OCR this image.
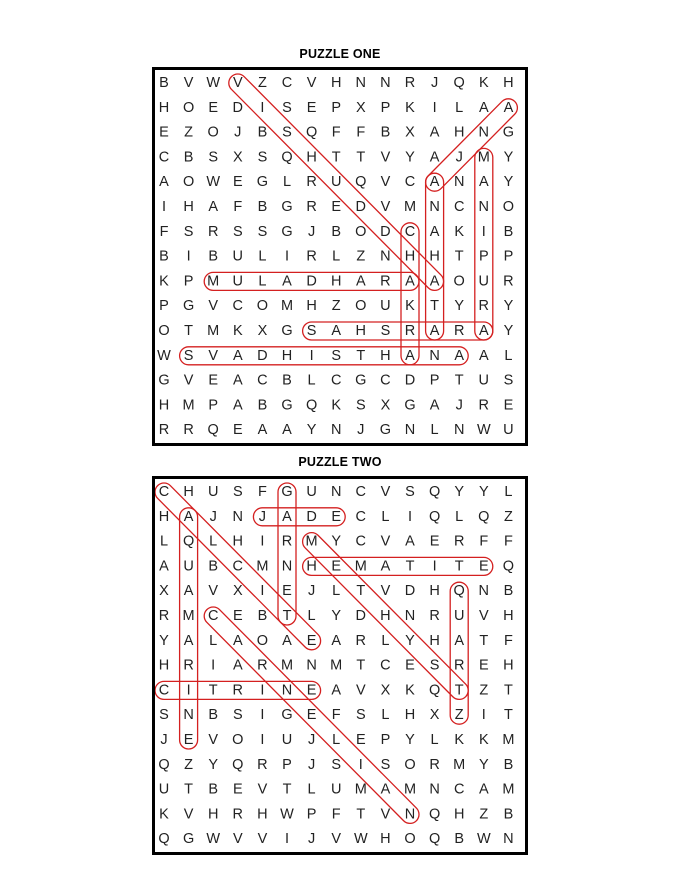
PUZZLE ONE
B V W V Z C V H N N R J Q K H
H O E D I S E P X P K I L A A
E Z O J B S Q F F B X A H N G
C B S X S Q H T T V Y A J M Y
A O W E G L R U Q V C A N A Y
I H A F B G R E D V M N C N O
F S R S S G J B O D C A K I B
B I B U L I R L Z N H H T P P
K P M U L A D H A R A A O U R
P G V C O M H Z O U K T Y R Y
O T M K X G S A H S R A R A Y
W S V A D H I S T H A N A A L
G V E A C B L C G C D P T U S
H M P A B G Q K S X G A J R E
R R Q E A A Y N J G N L N W U
PUZZLE TWO
C H U S F G U N C V S Q Y Y L
H A J N J A D E C L I Q L Q Z
L Q L H I R M Y C V A E R F F
A U B C M N H E M A T I T E Q
X A V X I E J L T V D H Q N B
R M C E B T L Y D H N R U V H
Y A L A O A E A R L Y H A T F
H R I A R M N M T C E S R E H
C I T R I N E A V X K Q T Z T
S N B S I G E F S L H X Z I T
J E V O I U J L E P Y L K K M
Q Z Y Q R P J S I S O R M Y B
U T B E V T L U M A M N C A M
K V H R H W P F T V N Q H Z B
Q G W V V I J V W H O Q B W N
